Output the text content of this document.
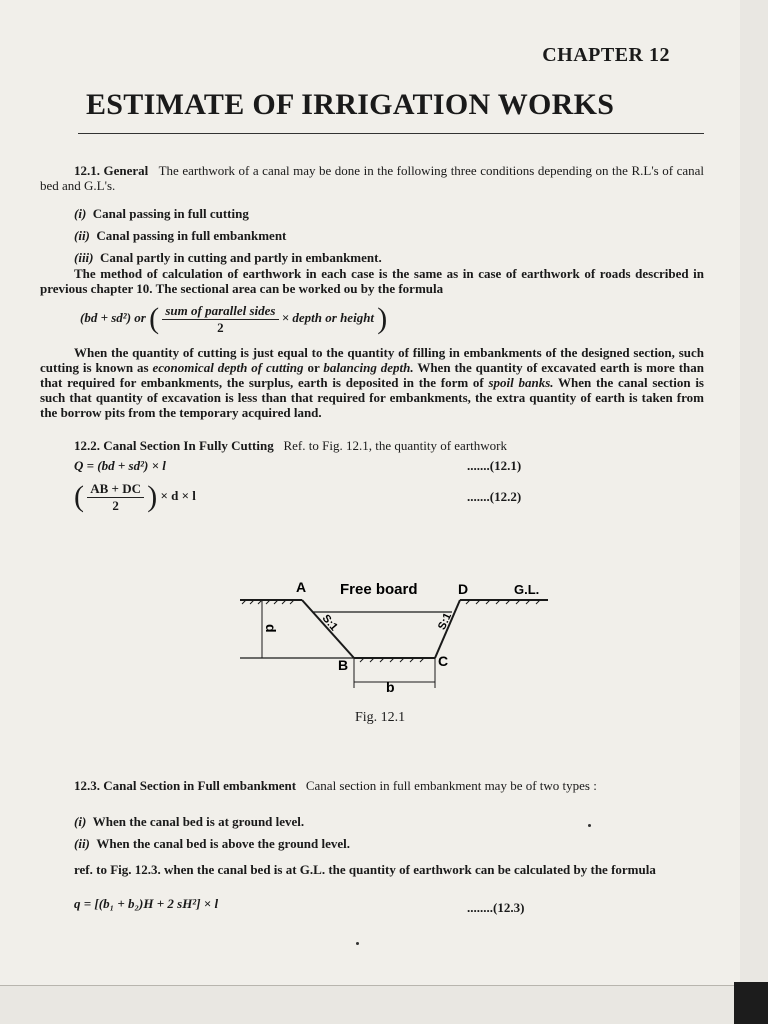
CHAPTER 12
ESTIMATE OF IRRIGATION WORKS
12.1. General The earthwork of a canal may be done in the following three conditions depending on the R.L's of canal bed and G.L's.
(i) Canal passing in full cutting
(ii) Canal passing in full embankment
(iii) Canal partly in cutting and partly in embankment.
The method of calculation of earthwork in each case is the same as in case of earthwork of roads described in previous chapter 10. The sectional area can be worked ou by the formula
(bd + sd²) or ( $\frac{\text{sum of parallel sides}}{2}$ × depth or height )
When the quantity of cutting is just equal to the quantity of filling in embankments of the designed section, such cutting is known as economical depth of cutting or balancing depth. When the quantity of excavated earth is more than that required for embankments, the surplus, earth is deposited in the form of spoil banks. When the canal section is such that quantity of excavation is less than that required for embankments, the extra quantity of earth is taken from the borrow pits from the temporary acquired land.
12.2. Canal Section In Fully Cutting Ref. to Fig. 12.1, the quantity of earthwork
Q = (bd + sd²) × l	.......(12.1)
( $\frac{AB + DC}{2}$ ) × d × l	.......(12.2)
A Free board	D	G.L.
B	C
d
b
S:1	S:1
Fig. 12.1
12.3. Canal Section in Full embankment Canal section in full embankment may be of two types :
(i) When the canal bed is at ground level.
(ii) When the canal bed is above the ground level.
ref. to Fig. 12.3. when the canal bed is at G.L. the quantity of earthwork can be calculated by the formula
q = [(b₁ + b₂)H + 2 sH²] × l	........(12.3)
